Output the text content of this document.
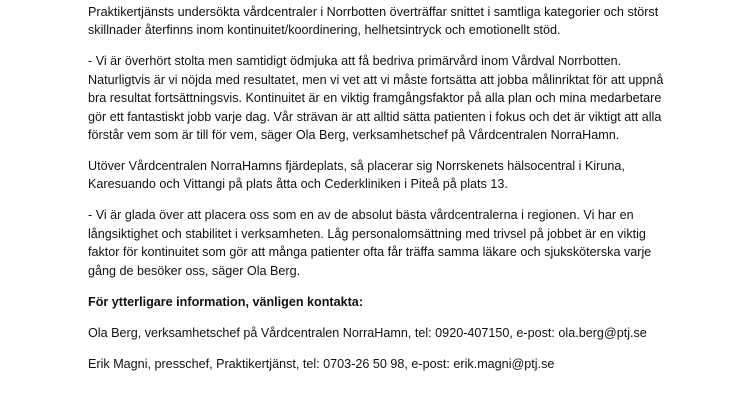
Praktikertjänsts undersökta vårdcentraler i Norrbotten överträffar snittet i samtliga kategorier och störst skillnader återfinns inom kontinuitet/koordinering, helhetsintryck och emotionellt stöd.

- Vi är överhört stolta men samtidigt ödmjuka att få bedriva primärvård inom Vårdval Norrbotten. Naturligtvis är vi nöjda med resultatet, men vi vet att vi måste fortsätta att jobba målinriktat för att uppnå bra resultat fortsättningsvis. Kontinuitet är en viktig framgångsfaktor på alla plan och mina medarbetare gör ett fantastiskt jobb varje dag. Vår strävan är att alltid sätta patienten i fokus och det är viktigt att alla förstår vem som är till för vem, säger Ola Berg, verksamhetschef på Vårdcentralen NorraHamn.

Utöver Vårdcentralen NorraHamns fjärdeplats, så placerar sig Norrskenets hälsocentral i Kiruna, Karesuando och Vittangi på plats åtta och Cederkliniken i Piteå på plats 13.

- Vi är glada över att placera oss som en av de absolut bästa vårdcentralerna i regionen. Vi har en långsiktighet och stabilitet i verksamheten. Låg personalomsättning med trivsel på jobbet är en viktig faktor för kontinuitet som gör att många patienter ofta får träffa samma läkare och sjuksköterska varje gång de besöker oss, säger Ola Berg.

För ytterligare information, vänligen kontakta:

Ola Berg, verksamhetschef på Vårdcentralen NorraHamn, tel: 0920-407150, e-post: ola.berg@ptj.se

Erik Magni, presschef, Praktikertjänst, tel: 0703-26 50 98, e-post: erik.magni@ptj.se
